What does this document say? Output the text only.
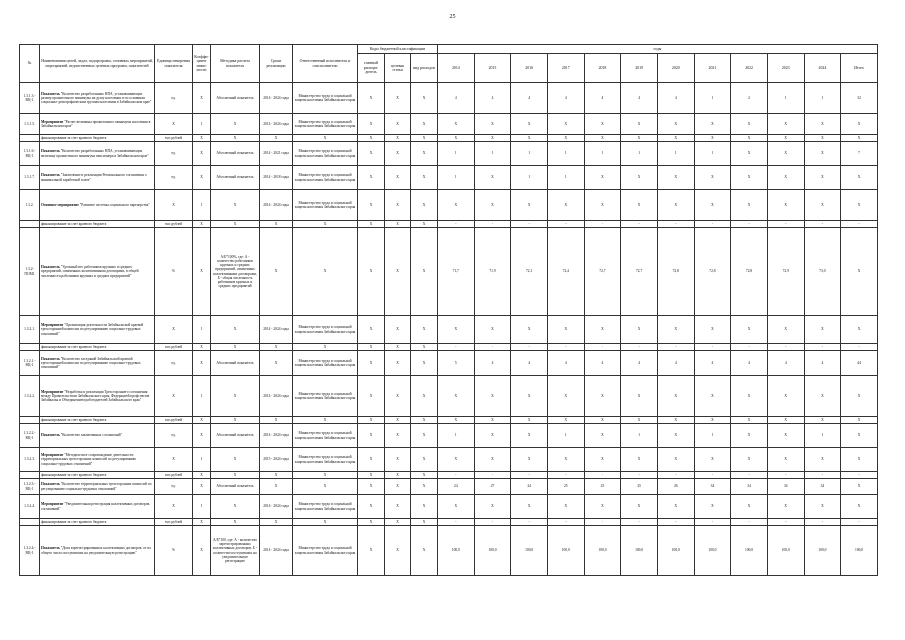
25
№	Наименования целей, задач, подпрограмм, основных мероприятий, мероприятий, ведомственных целевых программ, показателей	Единица измерения показателя	Коэффи-циент значи-мости	Методика расчета показателя	Сроки реализации	Ответственный исполнитель и соисполнители	Коды бюджетной классификации			годы											
							главный распоря-дитель	целевая статья	вид расходов	2014	2015	2016	2017	2018	2019	2020	2021	2022	2023	2024	Итого
1.3.1.3.- ВЦ-1	Показатель "Количество разработанных НПА, устанавливающих размер прожиточного минимума на душу населения и по основным социально-демографическим группам населения в Забайкальском крае"	ед.	Х	Абсолютный показатель	2014 - 2024 годы	Министерство труда и социальной защиты населения Забайкальского края	Х	Х	Х	4	4	4	4	4	4	4	1	2	1	1	32
1.3.1.5.	Мероприятие "Расчет величины прожиточного минимума населения в Забайкальском крае"	Х	1	Х	2014 - 2024 годы	Министерство труда и социальной защиты населения Забайкальского края	Х	Х	Х	Х	Х	Х	Х	Х	Х	Х	Х	Х	Х	Х	Х
	финансирование за счет краевого бюджета	тыс.рублей	Х	Х	Х	Х	Х	Х	Х	Х	Х	Х	Х	Х	Х	Х	Х	Х	Х	Х	Х
1.3.1.6.- ВЦ-1	Показатель "Количество разработанных НПА, устанавливающих величину прожиточного минимума пенсионера в Забайкальском крае"	ед.	Х	Абсолютный показатель	2014 - 2021 годы	Министерство труда и социальной защиты населения Забайкальского края	Х	Х	Х	1	1	1	1	1	1	1	1	Х	Х	Х	7
1.3.1.7.	Показатель "Заключение и реализация Регионального соглашения о минимальной заработной плате"	ед.	Х	Абсолютный показатель	2014 - 2018 годы	Министерство труда и социальной защиты населения Забайкальского края	Х	Х	Х	1	Х	1	1	Х	Х	Х	Х	Х	Х	Х	Х
1.3.2.	Основное мероприятие "Развитие системы социального партнерства"	Х	1	Х	2014 - 2024 годы	Министерство труда и социальной защиты населения Забайкальского края	Х	Х	Х	Х	Х	Х	Х	Х	Х	Х	Х	Х	Х	Х	Х
	финансирование за счет краевого бюджета	тыс.рублей	Х	Х	Х	Х	Х	Х	Х	-	-	-	-	-	-	-	-	-	-	-	-
1.3.2- ПОМ1	Показатель "Удельный вес работников крупных и средних предприятий, охваченных коллективными договорами, в общей численности работников крупных и средних предприятий"	%	Х	А/Б*100%, где: А - количество работников крупных и средних предприятий, охваченных коллективными договорами, Б - общая численность работников крупных и средних предприятий	Х	Х	Х	Х	Х	71,7	71,9	72,1	72,4	72,7	72,7	72,8	72,8	72,8	72,9	73,0	Х
1.3.2.1.	Мероприятие "Организация деятельности Забайкальской краевой трехсторонней комиссии по регулированию социально-трудовых отношений"	Х	1	Х	2014 - 2024 годы	Министерство труда и социальной защиты населения Забайкальского края	Х	Х	Х	Х	Х	Х	Х	Х	Х	Х	Х	Х	Х	Х	Х
	финансирование за счет краевого бюджета	тыс.рублей	Х	Х	Х	Х	Х	Х	Х	-	-	-	-	-	-	-	-	-	-	-	-
1.3.2.1.- ВЦ-1	Показатель "Количество заседаний Забайкальской краевой трехсторонней комиссии по регулированию социально-трудовых отношений"	ед.	Х	Абсолютный показатель	Х	Министерство труда и социальной защиты населения Забайкальского края	Х	Х	Х	5	4	4	4	4	4	4	4	4	4	4	44
1.3.2.2.	Мероприятие "Разработка и реализация Трехстороннего соглашения между Правительством Забайкальского края, Федерацией профсоюзов Забайкалья и Объединением работодателей Забайкальского края"	Х	1	Х	2014 - 2024 годы	Министерство труда и социальной защиты населения Забайкальского края	Х	Х	Х	Х	Х	Х	Х	Х	Х	Х	Х	Х	Х	Х	Х
	финансирование за счет краевого бюджета	тыс.рублей	Х	Х	Х	Х	Х	Х	Х	Х	Х	Х	Х	Х	Х	Х	Х	Х	Х	Х	Х
1.3.2.2.- ВЦ-1	Показатель "Количество заключенных соглашений"	ед.	Х	Абсолютный показатель	2014 - 2024 годы	Министерство труда и социальной защиты населения Забайкальского края	Х	Х	Х	1	Х	Х	1	Х	1	Х	1	Х	Х	1	Х
1.3.2.3.	Мероприятие "Методическое сопровождение деятельности территориальных трехсторонних комиссий по регулированию социально-трудовых отношений"	Х	1	Х	2015 - 2024 годы	Министерство труда и социальной защиты населения Забайкальского края	Х	Х	Х	Х	Х	Х	Х	Х	Х	Х	Х	Х	Х	Х	Х
	финансирование за счет краевого бюджета	тыс.рублей	Х	Х	Х	Х	Х	Х	Х	-	-	-	-	-	-	-	-	-	-	-	-
1.3.2.3.- ВЦ-1	Показатель "Количество территориальных трехсторонних комиссий по регулированию социально-трудовых отношений"	ед.	Х	Абсолютный показатель	Х	Х	Х	Х	Х	24	27	24	25	25	25	26	34	34	34	34	Х
1.3.2.4.	Мероприятие "Уведомительная регистрация коллективных договоров, соглашений"	Х	1	Х	2014 - 2024 годы	Министерство труда и социальной защиты населения Забайкальского края	Х	Х	Х	Х	Х	Х	Х	Х	Х	Х	Х	Х	Х	Х	Х
	финансирование за счет краевого бюджета	тыс.рублей	Х	Х	Х	Х	Х	Х	Х	-	-	-	-	-	-	-	-	-	-	-	-
1.3.2.4.- ВЦ-1	Показатель "Доля зарегистрированных коллективных договоров, от их общего числа поступивших на уведомительную регистрацию"	%	Х	А/Б*100, где: А - количество зарегистрированных коллективных договоров, Б - количество поступивших на уведомительную регистрацию	2014 - 2024 годы	Министерство труда и социальной защиты населения Забайкальского края	Х	Х	Х	100,0	100,0	100,0	100,0	100,0	100,0	100,0	100,0	100,0	100,0	100,0	100,0
